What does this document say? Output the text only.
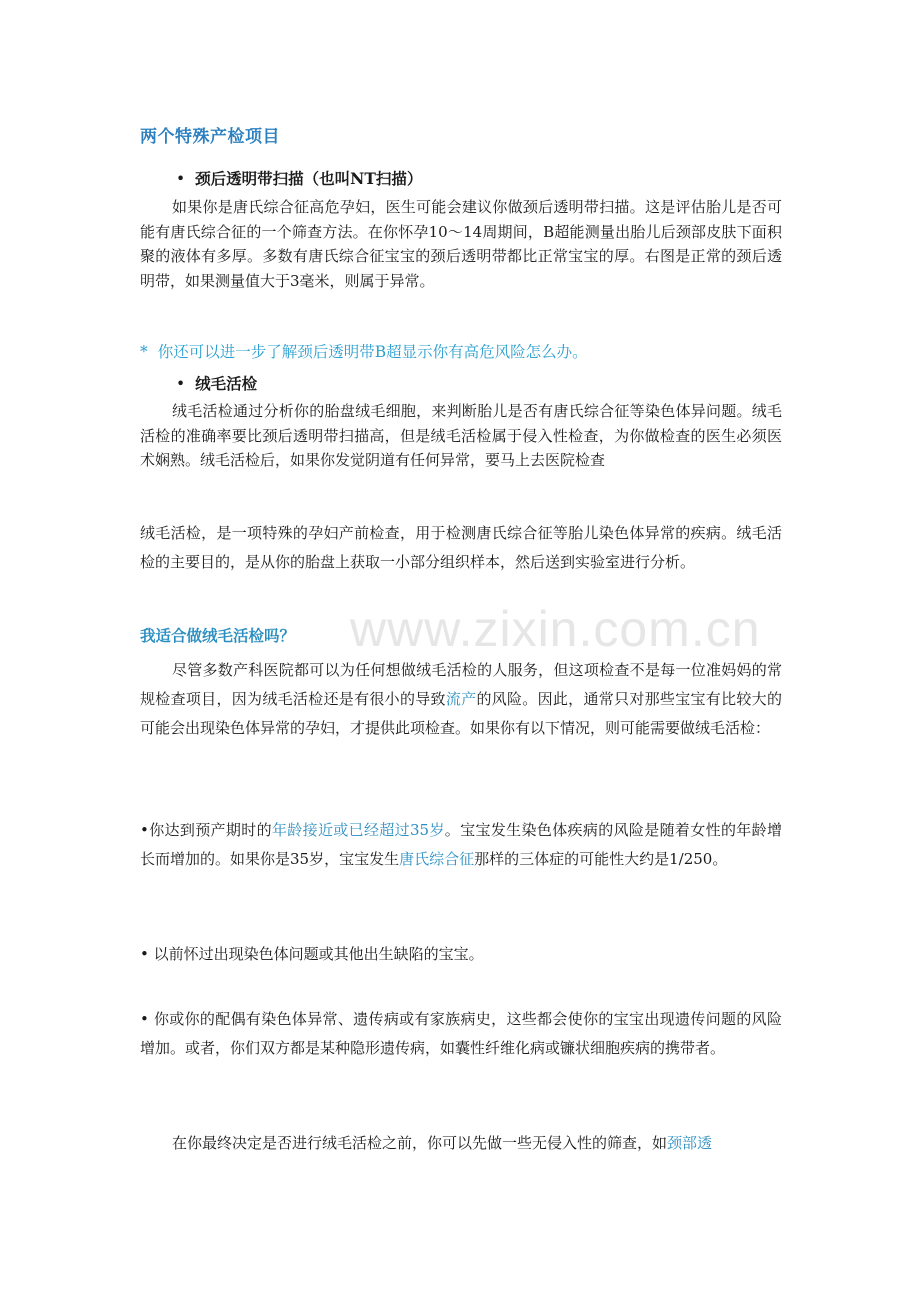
www.zixin.com.cn
两个特殊产检项目
• 颈后透明带扫描（也叫NT扫描）
如果你是唐氏综合征高危孕妇，医生可能会建议你做颈后透明带扫描。这是评估胎儿是否可能有唐氏综合征的一个筛查方法。在你怀孕10～14周期间，B超能测量出胎儿后颈部皮肤下面积聚的液体有多厚。多数有唐氏综合征宝宝的颈后透明带都比正常宝宝的厚。右图是正常的颈后透明带，如果测量值大于3毫米，则属于异常。
* 你还可以进一步了解颈后透明带B超显示你有高危风险怎么办。
• 绒毛活检
绒毛活检通过分析你的胎盘绒毛细胞，来判断胎儿是否有唐氏综合征等染色体异问题。绒毛活检的准确率要比颈后透明带扫描高，但是绒毛活检属于侵入性检查，为你做检查的医生必须医术娴熟。绒毛活检后，如果你发觉阴道有任何异常，要马上去医院检查
绒毛活检，是一项特殊的孕妇产前检查，用于检测唐氏综合征等胎儿染色体异常的疾病。绒毛活检的主要目的，是从你的胎盘上获取一小部分组织样本，然后送到实验室进行分析。
我适合做绒毛活检吗？
尽管多数产科医院都可以为任何想做绒毛活检的人服务，但这项检查不是每一位准妈妈的常规检查项目，因为绒毛活检还是有很小的导致流产的风险。因此，通常只对那些宝宝有比较大的可能会出现染色体异常的孕妇，才提供此项检查。如果你有以下情况，则可能需要做绒毛活检：
•你达到预产期时的年龄接近或已经超过35岁。宝宝发生染色体疾病的风险是随着女性的年龄增长而增加的。如果你是35岁，宝宝发生唐氏综合征那样的三体症的可能性大约是1/250。
• 以前怀过出现染色体问题或其他出生缺陷的宝宝。
• 你或你的配偶有染色体异常、遗传病或有家族病史，这些都会使你的宝宝出现遗传问题的风险增加。或者，你们双方都是某种隐形遗传病，如囊性纤维化病或镰状细胞疾病的携带者。
在你最终决定是否进行绒毛活检之前，你可以先做一些无侵入性的筛查，如颈部透
